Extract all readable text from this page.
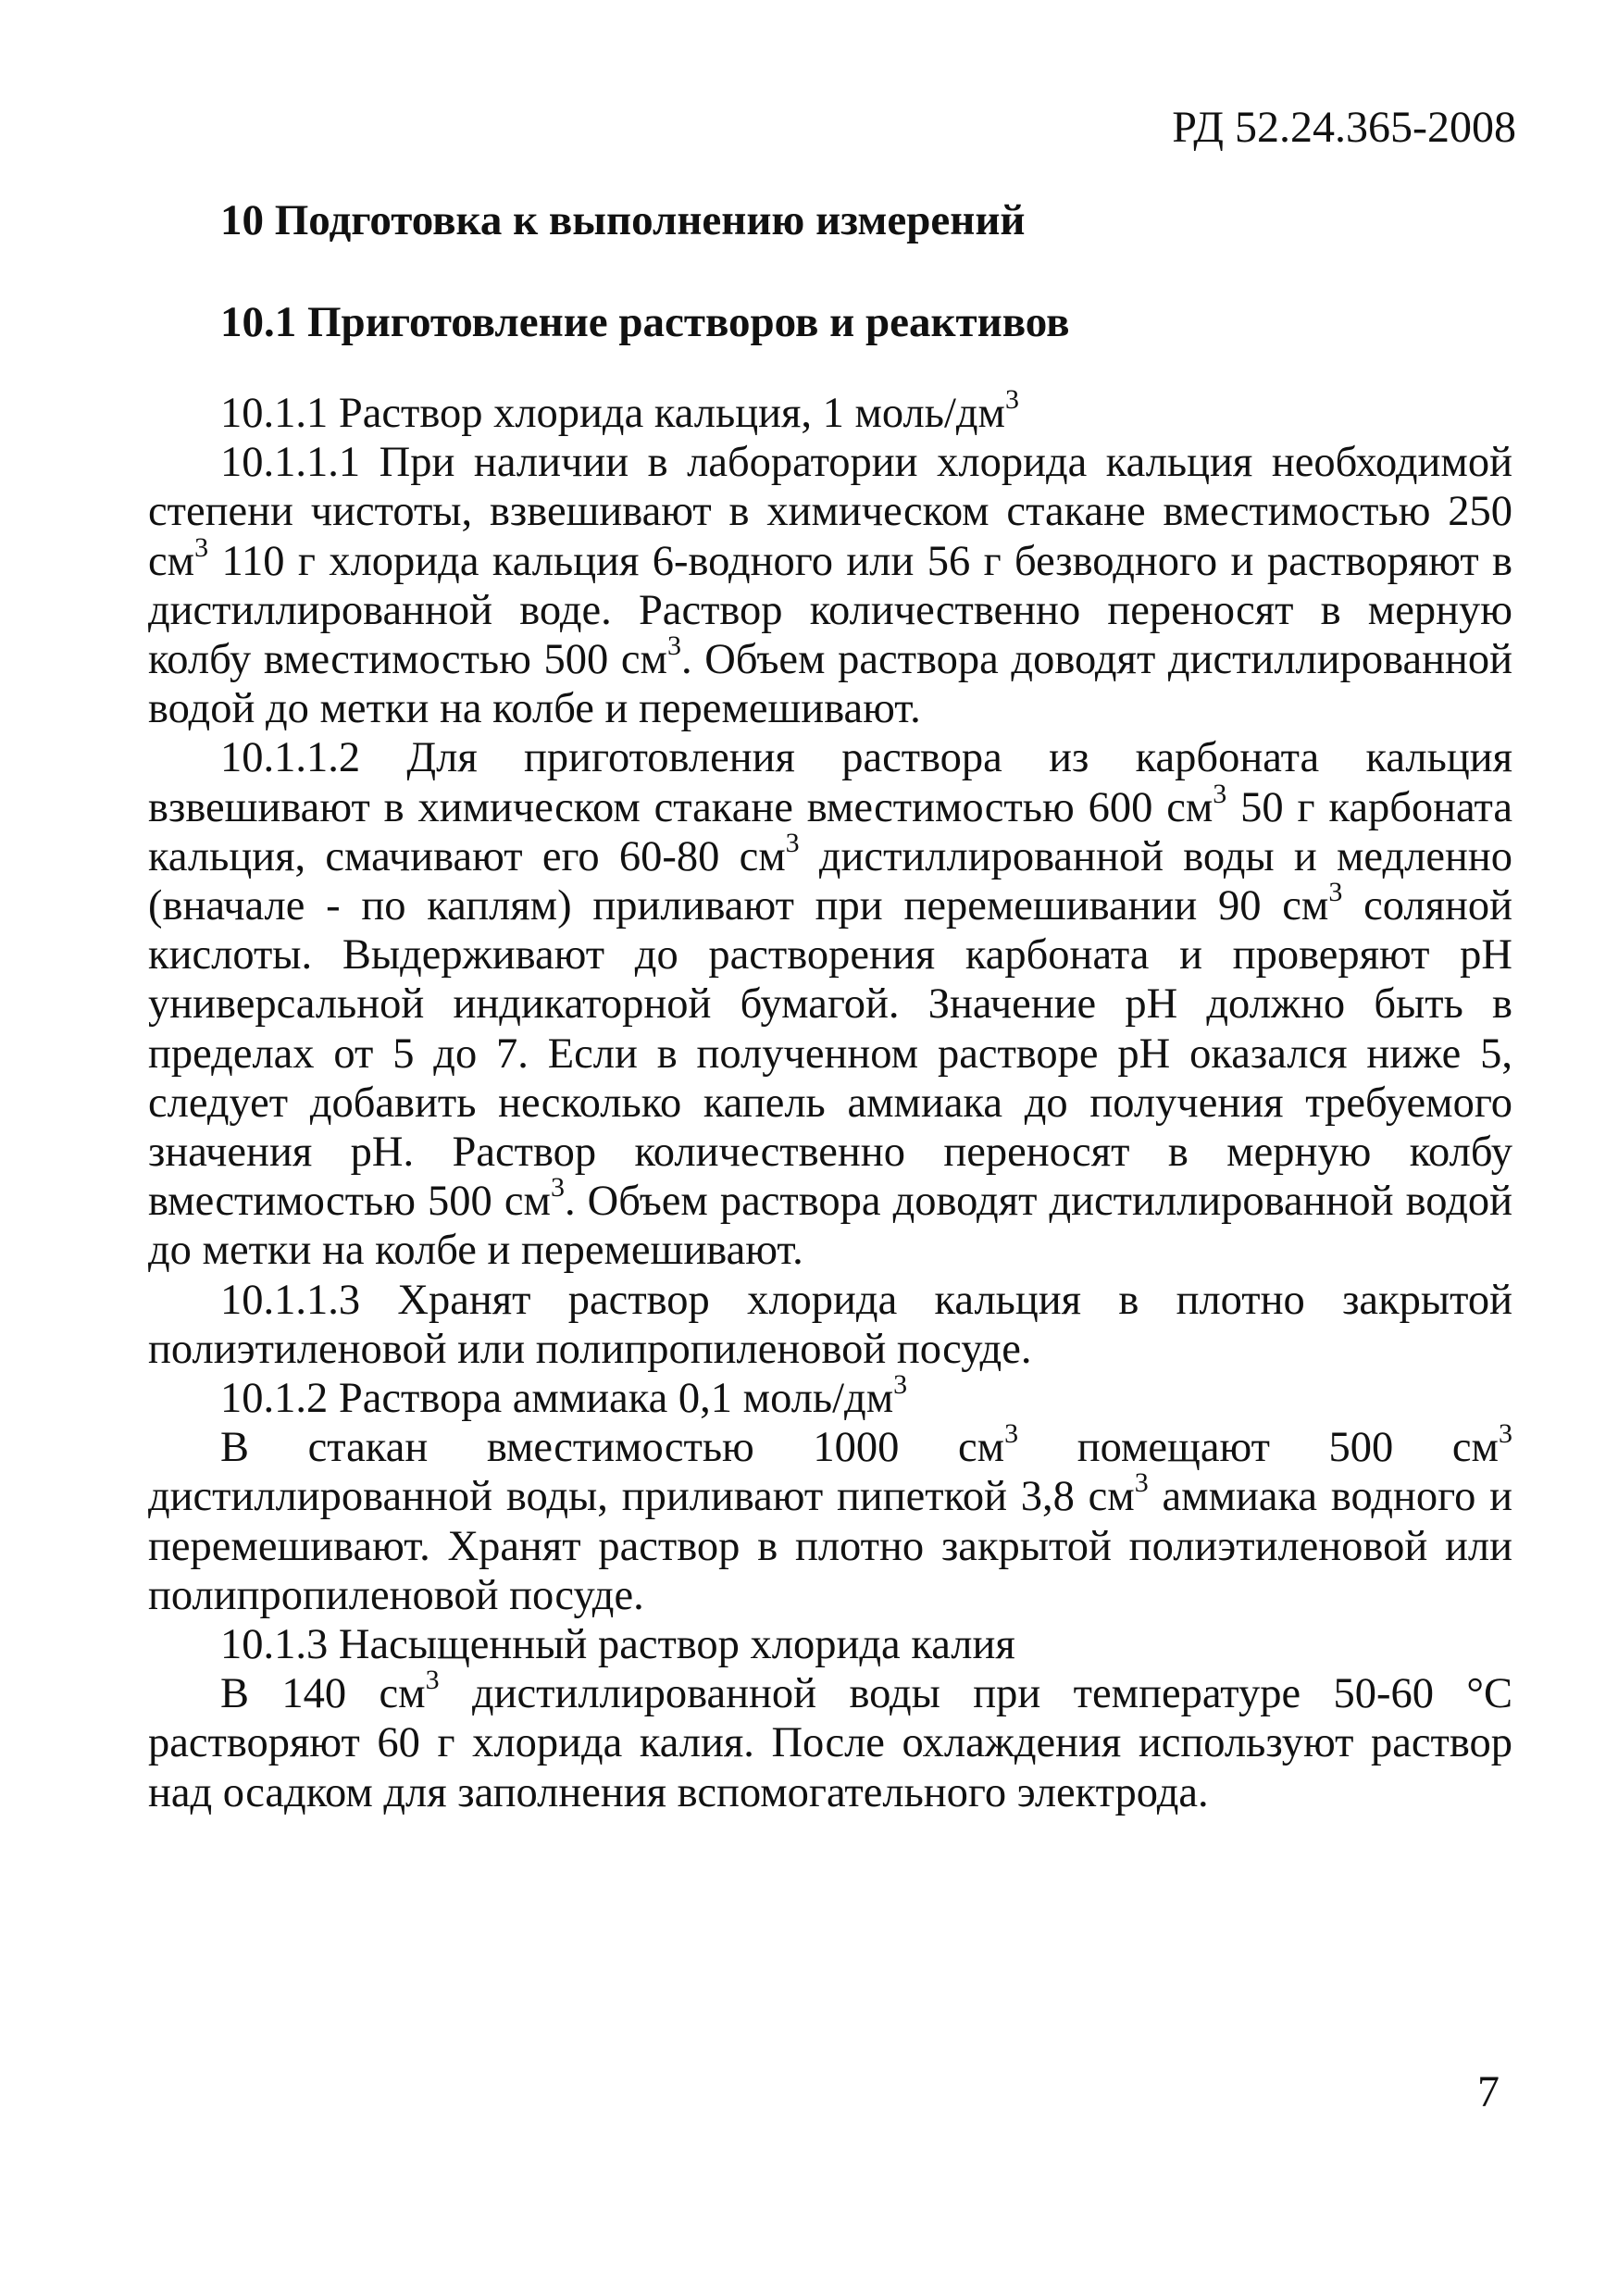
РД 52.24.365-2008
10 Подготовка к выполнению измерений
10.1 Приготовление растворов и реактивов

10.1.1 Раствор хлорида кальция, 1 моль/$дм^3$

10.1.1.1 При наличии в лаборатории хлорида кальция необходимой степени чистоты, взвешивают в химическом стакане вместимостью 250 $см^3$ 110 г хлорида кальция 6-водного или 56 г безводного и растворяют в дистиллированной воде. Раствор количественно переносят в мерную колбу вместимостью 500 $см^3$. Объем раствора доводят дистиллированной водой до метки на колбе и перемешивают.

10.1.1.2 Для приготовления раствора из карбоната кальция взвешивают в химическом стакане вместимостью 600 $см^3$ 50 г карбоната кальция, смачивают его 60-80 $см^3$ дистиллированной воды и медленно (вначале - по каплям) приливают при перемешивании 90 $см^3$ соляной кислоты. Выдерживают до растворения карбоната и проверяют pH универсальной индикаторной бумагой. Значение pH должно быть в пределах от 5 до 7. Если в полученном растворе pH оказался ниже 5, следует добавить несколько капель аммиака до получения требуемого значения pH. Раствор количественно переносят в мерную колбу вместимостью 500 $см^3$. Объем раствора доводят дистиллированной водой до метки на колбе и перемешивают.

10.1.1.3 Хранят раствор хлорида кальция в плотно закрытой полиэтиленовой или полипропиленовой посуде.

10.1.2 Раствора аммиака 0,1 моль/$дм^3$

В стакан вместимостью 1000 $см^3$ помещают 500 $см^3$ дистиллированной воды, приливают пипеткой 3,8 $см^3$ аммиака водного и перемешивают. Хранят раствор в плотно закрытой полиэтиленовой или полипропиленовой посуде.

10.1.3 Насыщенный раствор хлорида калия

В 140 $см^3$ дистиллированной воды при температуре 50-60 °С растворяют 60 г хлорида калия. После охлаждения используют раствор над осадком для заполнения вспомогательного электрода.

7
